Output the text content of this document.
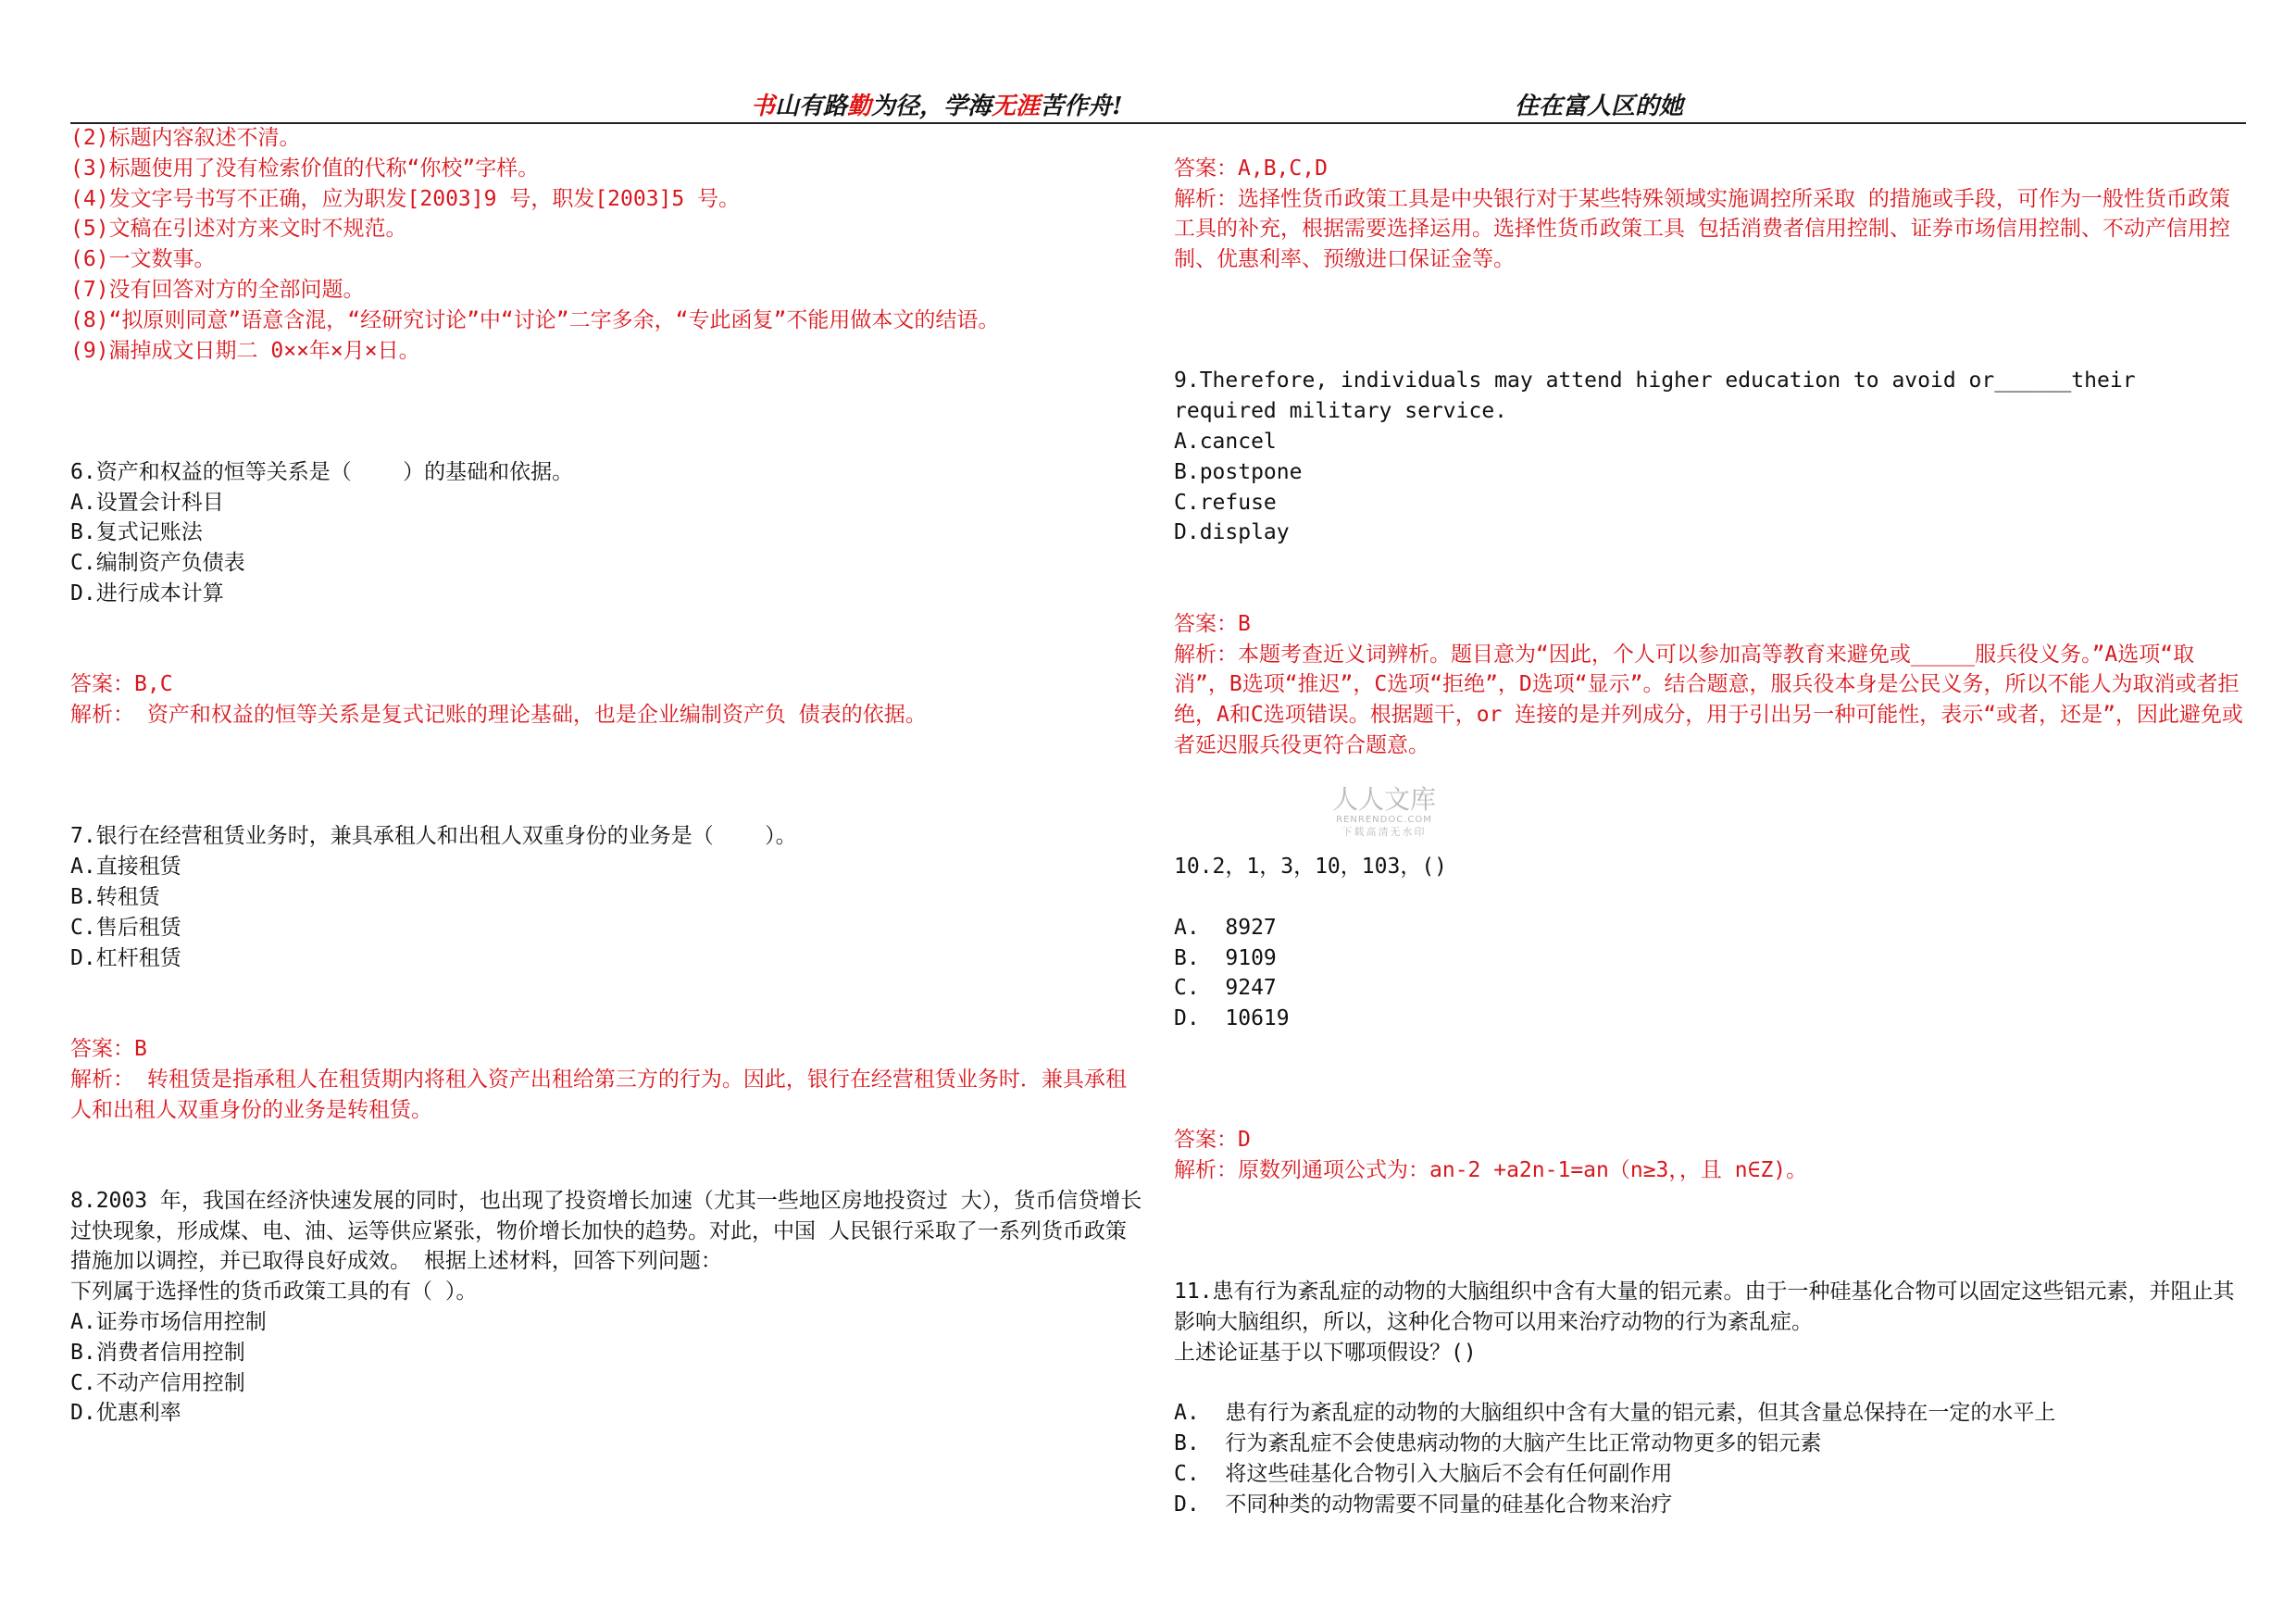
书山有路勤为径，学海无涯苦作舟!	住在富人区的她
(2)标题内容叙述不清。
(3)标题使用了没有检索价值的代称“你校”字样。
(4)发文字号书写不正确，应为职发[2003]9 号，职发[2003]5 号。
(5)文稿在引述对方来文时不规范。
(6)一文数事。
(7)没有回答对方的全部问题。
(8)“拟原则同意”语意含混，“经研究讨论”中“讨论”二字多余，“专此函复”不能用做本文的结语。
(9)漏掉成文日期二 0××年×月×日。
6.资产和权益的恒等关系是（    ）的基础和依据。
A.设置会计科目
B.复式记账法
C.编制资产负债表
D.进行成本计算
答案：B,C
解析： 资产和权益的恒等关系是复式记账的理论基础，也是企业编制资产负 债表的依据。
7.银行在经营租赁业务时，兼具承租人和出租人双重身份的业务是（    ）。
A.直接租赁
B.转租赁
C.售后租赁
D.杠杆租赁
答案：B
解析： 转租赁是指承租人在租赁期内将租入资产出租给第三方的行为。因此，银行在经营租赁业务时．兼具承租人和出租人双重身份的业务是转租赁。
8.2003 年，我国在经济快速发展的同时，也出现了投资增长加速（尤其一些地区房地投资过 大），货币信贷增长过快现象，形成煤、电、油、运等供应紧张，物价增长加快的趋势。对此，中国 人民银行采取了一系列货币政策措施加以调控，并已取得良好成效。 根据上述材料，回答下列问题：
下列属于选择性的货币政策工具的有（ ）。
A.证券市场信用控制
B.消费者信用控制
C.不动产信用控制
D.优惠利率
答案：A,B,C,D
解析：选择性货币政策工具是中央银行对于某些特殊领域实施调控所采取 的措施或手段，可作为一般性货币政策工具的补充，根据需要选择运用。选择性货币政策工具 包括消费者信用控制、证券市场信用控制、不动产信用控制、优惠利率、预缴进口保证金等。
9.Therefore, individuals may attend higher education to avoid or______their required military service.
A.cancel
B.postpone
C.refuse
D.display
答案：B
解析：本题考查近义词辨析。题目意为“因此，个人可以参加高等教育来避免或_____服兵役义务。”A选项“取消”，B选项“推迟”，C选项“拒绝”，D选项“显示”。结合题意，服兵役本身是公民义务，所以不能人为取消或者拒绝，A和C选项错误。根据题干，or 连接的是并列成分，用于引出另一种可能性，表示“或者，还是”，因此避免或者延迟服兵役更符合题意。
10.2，1，3，10，103，()
A.  8927
B.  9109
C.  9247
D.  10619
答案：D
解析：原数列通项公式为：an-2 +a2n-1=an（n≥3，，且 n∈Z)。
11.患有行为紊乱症的动物的大脑组织中含有大量的铝元素。由于一种硅基化合物可以固定这些铝元素，并阻止其影响大脑组织，所以，这种化合物可以用来治疗动物的行为紊乱症。
上述论证基于以下哪项假设？()
A.  患有行为紊乱症的动物的大脑组织中含有大量的铝元素，但其含量总保持在一定的水平上
B.  行为紊乱症不会使患病动物的大脑产生比正常动物更多的铝元素
C.  将这些硅基化合物引入大脑后不会有任何副作用
D.  不同种类的动物需要不同量的硅基化合物来治疗
人人文库
RENRENDOC.COM
下载高清无水印
